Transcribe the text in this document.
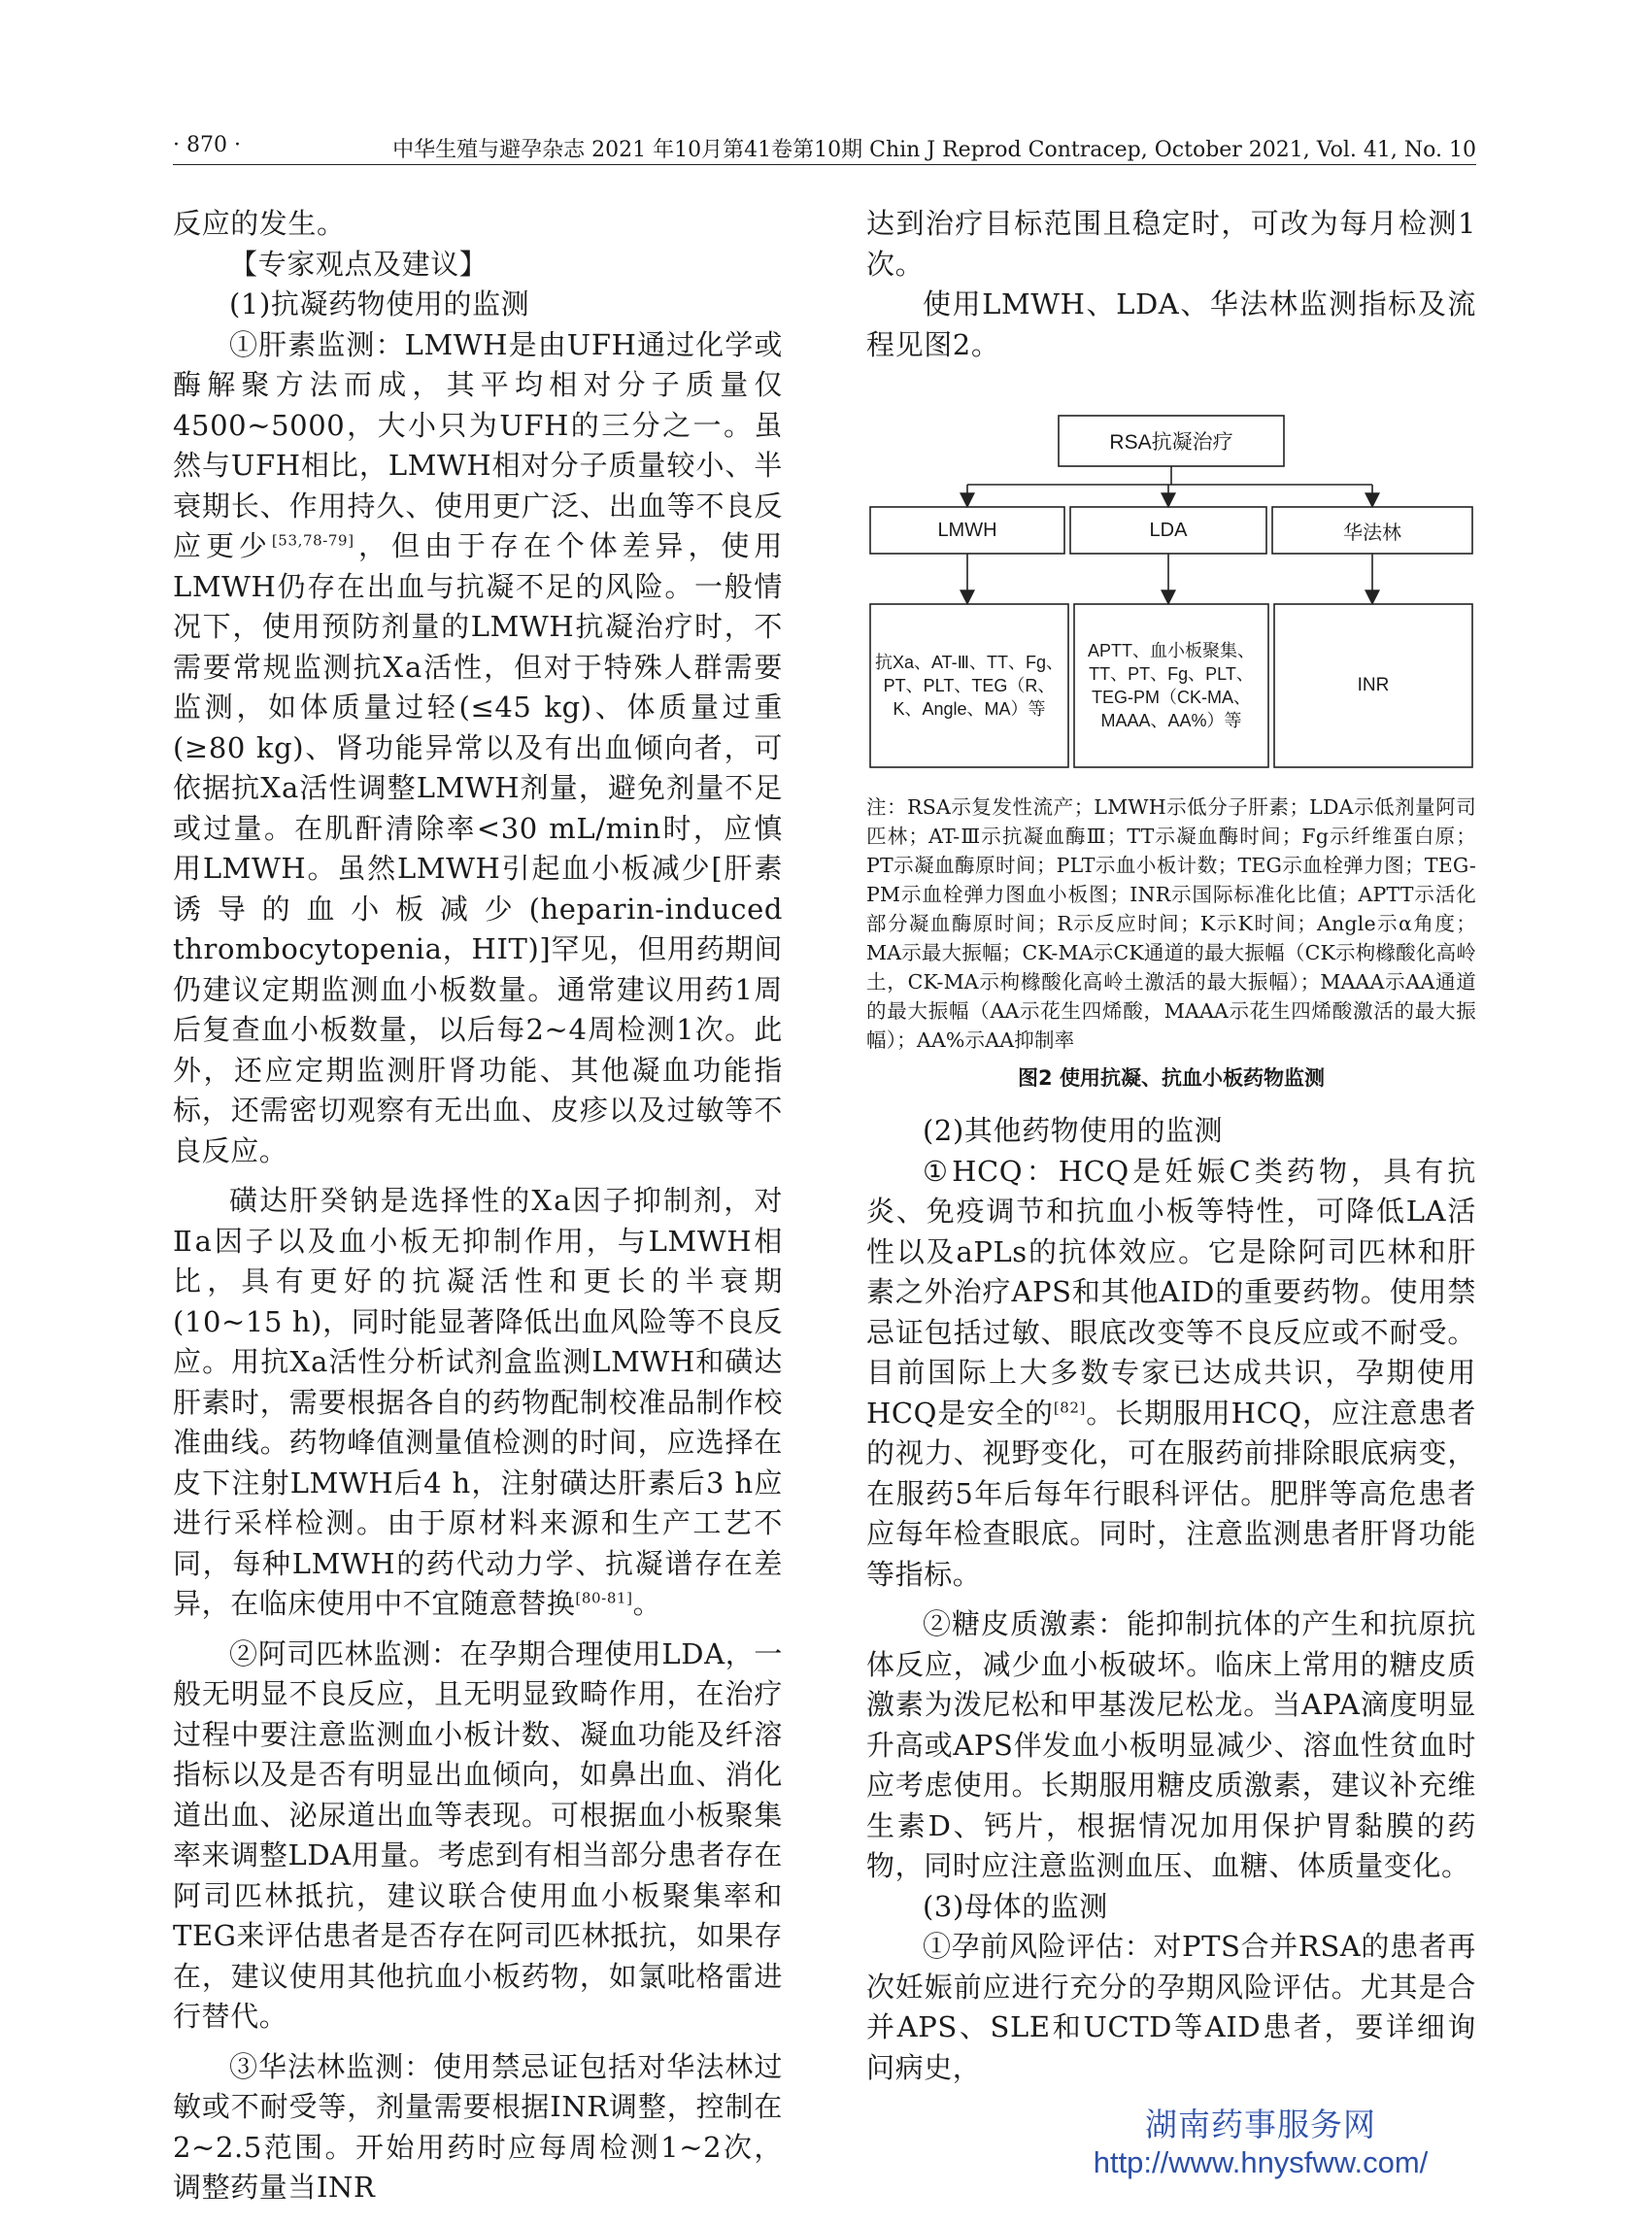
· 870 ·	中华生殖与避孕杂志 2021 年10月第41卷第10期 Chin J Reprod Contracep, October 2021, Vol. 41, No. 10

反应的发生。

【专家观点及建议】

(1)抗凝药物使用的监测

①肝素监测：LMWH是由UFH通过化学或酶解聚方法而成，其平均相对分子质量仅4500~5000，大小只为UFH的三分之一。虽然与UFH相比，LMWH相对分子质量较小、半衰期长、作用持久、使用更广泛、出血等不良反应更少[53,78-79]，但由于存在个体差异，使用LMWH仍存在出血与抗凝不足的风险。一般情况下，使用预防剂量的LMWH抗凝治疗时，不需要常规监测抗Ⅹa活性，但对于特殊人群需要监测，如体质量过轻(≤45 kg)、体质量过重(≥80 kg)、肾功能异常以及有出血倾向者，可依据抗Ⅹa活性调整LMWH剂量，避免剂量不足或过量。在肌酐清除率<30 mL/min时，应慎用LMWH。虽然LMWH引起血小板减少[肝素诱导的血小板减少(heparin-induced thrombocytopenia，HIT)]罕见，但用药期间仍建议定期监测血小板数量。通常建议用药1周后复查血小板数量，以后每2~4周检测1次。此外，还应定期监测肝肾功能、其他凝血功能指标，还需密切观察有无出血、皮疹以及过敏等不良反应。

磺达肝癸钠是选择性的Ⅹa因子抑制剂，对Ⅱa因子以及血小板无抑制作用，与LMWH相比，具有更好的抗凝活性和更长的半衰期(10~15 h)，同时能显著降低出血风险等不良反应。用抗Ⅹa活性分析试剂盒监测LMWH和磺达肝素时，需要根据各自的药物配制校准品制作校准曲线。药物峰值测量值检测的时间，应选择在皮下注射LMWH后4 h，注射磺达肝素后3 h应进行采样检测。由于原材料来源和生产工艺不同，每种LMWH的药代动力学、抗凝谱存在差异，在临床使用中不宜随意替换[80-81]。

②阿司匹林监测：在孕期合理使用LDA，一般无明显不良反应，且无明显致畸作用，在治疗过程中要注意监测血小板计数、凝血功能及纤溶指标以及是否有明显出血倾向，如鼻出血、消化道出血、泌尿道出血等表现。可根据血小板聚集率来调整LDA用量。考虑到有相当部分患者存在阿司匹林抵抗，建议联合使用血小板聚集率和TEG来评估患者是否存在阿司匹林抵抗，如果存在，建议使用其他抗血小板药物，如氯吡格雷进行替代。

③华法林监测：使用禁忌证包括对华法林过敏或不耐受等，剂量需要根据INR调整，控制在2~2.5范围。开始用药时应每周检测1~2次，调整药量当INR

达到治疗目标范围且稳定时，可改为每月检测1次。

使用LMWH、LDA、华法林监测指标及流程见图2。

RSA抗凝治疗
LMWH	LDA	华法林
抗Xa、AT-Ⅲ、TT、Fg、PT、PLT、TEG（R、K、Angle、MA）等
APTT、血小板聚集、TT、PT、Fg、PLT、TEG-PM（CK-MA、MAAA、AA%）等
INR
注：RSA示复发性流产；LMWH示低分子肝素；LDA示低剂量阿司匹林；AT-Ⅲ示抗凝血酶Ⅲ；TT示凝血酶时间；Fg示纤维蛋白原；PT示凝血酶原时间；PLT示血小板计数；TEG示血栓弹力图；TEG-PM示血栓弹力图血小板图；INR示国际标准化比值；APTT示活化部分凝血酶原时间；R示反应时间；K示K时间；Angle示α角度；MA示最大振幅；CK-MA示CK通道的最大振幅（CK示枸橼酸化高岭土，CK-MA示枸橼酸化高岭土激活的最大振幅）；MAAA示AA通道的最大振幅（AA示花生四烯酸，MAAA示花生四烯酸激活的最大振幅）；AA%示AA抑制率
图2 使用抗凝、抗血小板药物监测

(2)其他药物使用的监测

①HCQ：HCQ是妊娠C类药物，具有抗炎、免疫调节和抗血小板等特性，可降低LA活性以及aPLs的抗体效应。它是除阿司匹林和肝素之外治疗APS和其他AID的重要药物。使用禁忌证包括过敏、眼底改变等不良反应或不耐受。目前国际上大多数专家已达成共识，孕期使用HCQ是安全的[82]。长期服用HCQ，应注意患者的视力、视野变化，可在服药前排除眼底病变，在服药5年后每年行眼科评估。肥胖等高危患者应每年检查眼底。同时，注意监测患者肝肾功能等指标。

②糖皮质激素：能抑制抗体的产生和抗原抗体反应，减少血小板破坏。临床上常用的糖皮质激素为泼尼松和甲基泼尼松龙。当APA滴度明显升高或APS伴发血小板明显减少、溶血性贫血时应考虑使用。长期服用糖皮质激素，建议补充维生素D、钙片，根据情况加用保护胃黏膜的药物，同时应注意监测血压、血糖、体质量变化。

(3)母体的监测

①孕前风险评估：对PTS合并RSA的患者再次妊娠前应进行充分的孕期风险评估。尤其是合并APS、SLE和UCTD等AID患者，要详细询问病史，

湖南药事服务网
http://www.hnysfww.com/
